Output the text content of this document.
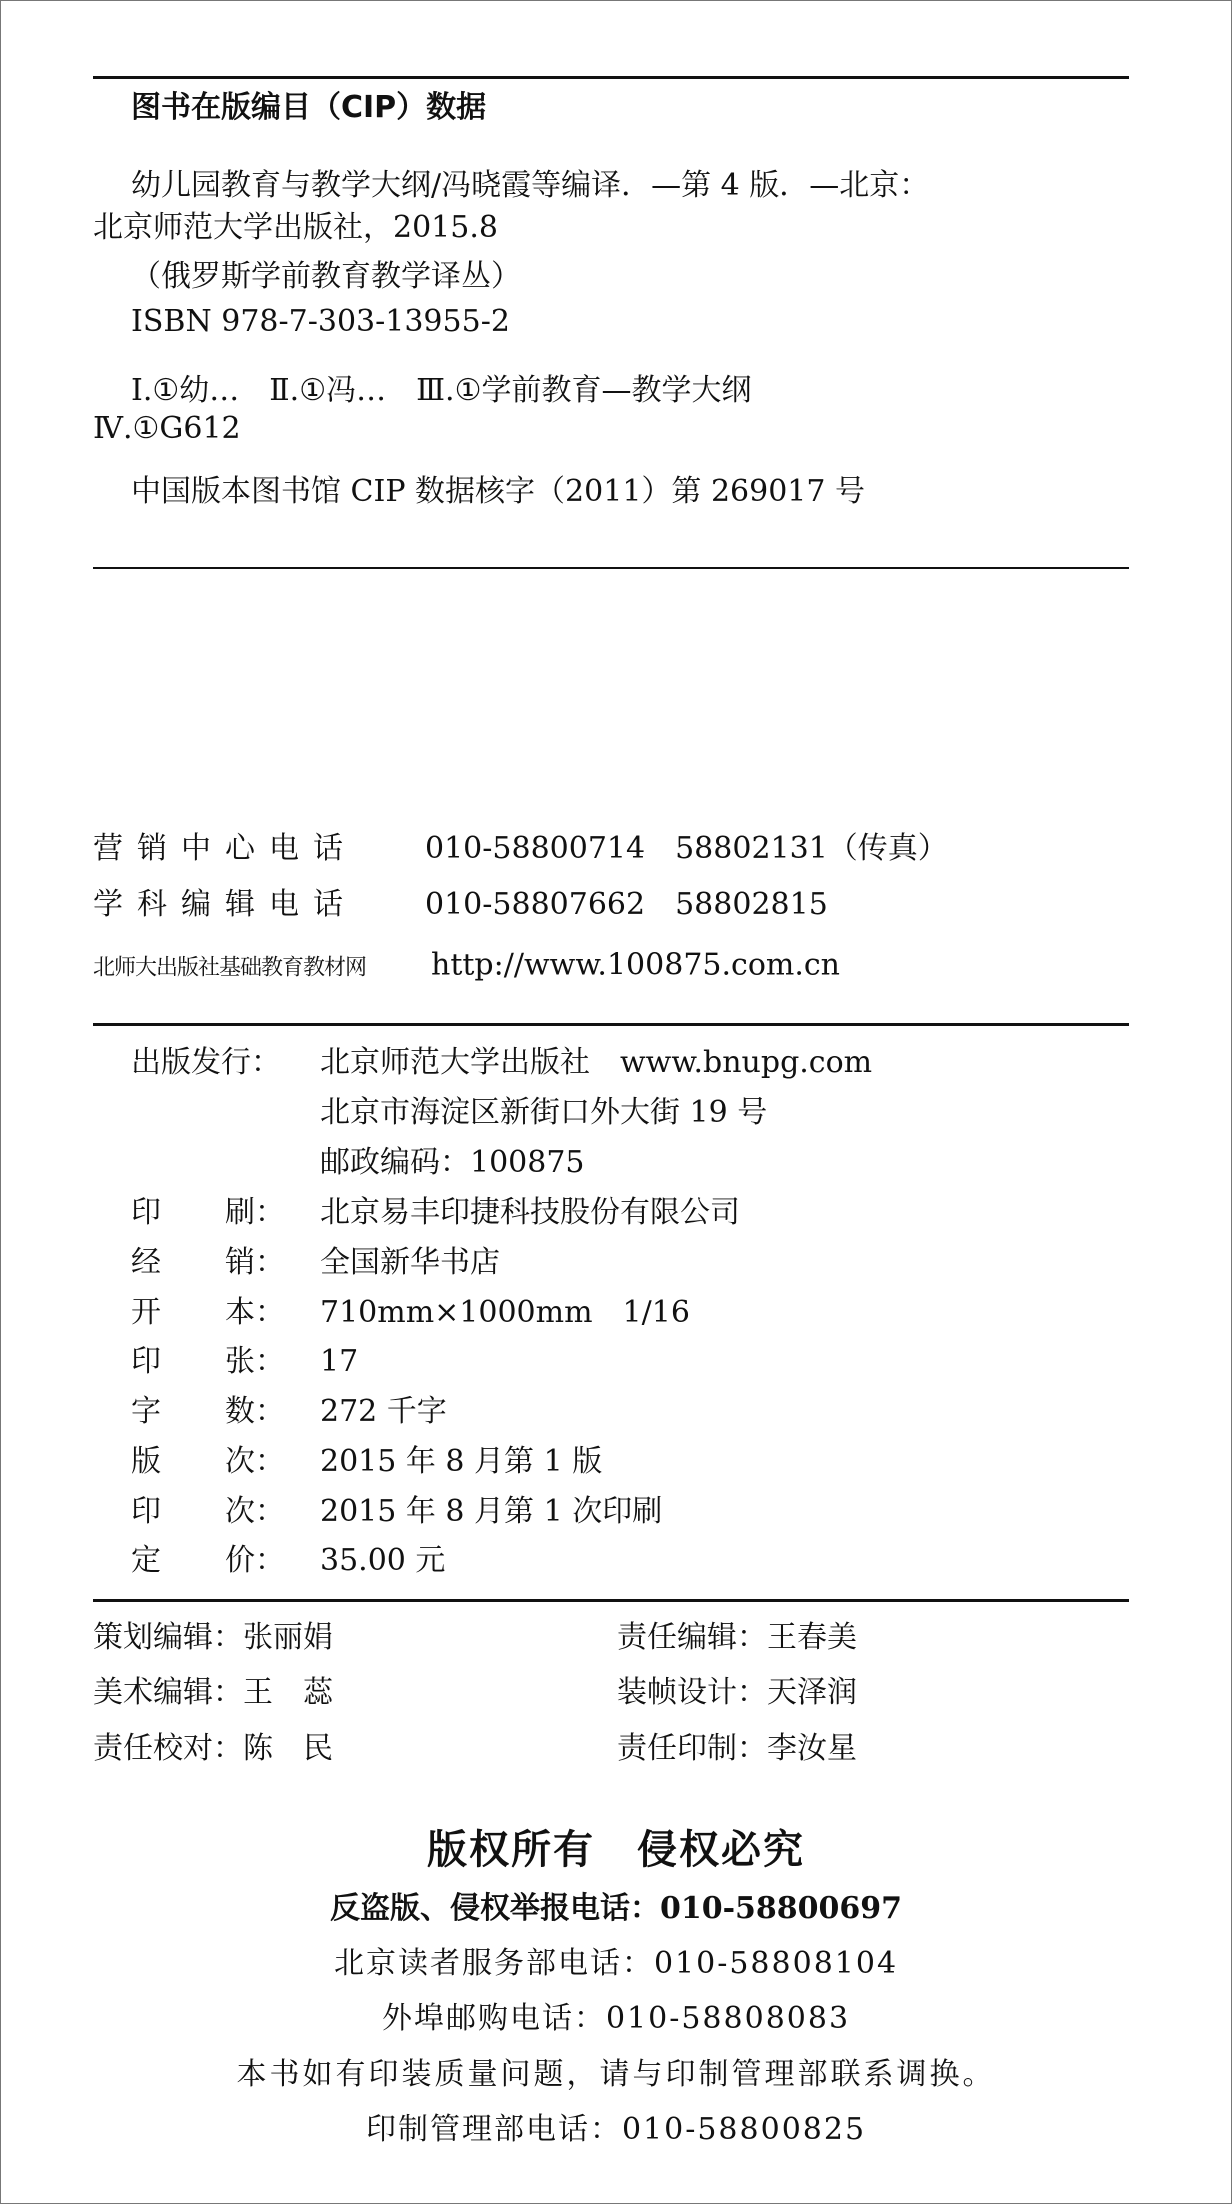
图书在版编目（CIP）数据
幼儿园教育与教学大纲/冯晓霞等编译．—第 4 版．—北京：
北京师范大学出版社，2015.8
（俄罗斯学前教育教学译丛）
ISBN 978-7-303-13955-2
Ⅰ.①幼…　Ⅱ.①冯…　Ⅲ.①学前教育—教学大纲
Ⅳ.①G612
中国版本图书馆 CIP 数据核字（2011）第 269017 号
营销中心电话 010-58800714　58802131（传真）
学科编辑电话 010-58807662　58802815
北师大出版社基础教育教材网 http://www.100875.com.cn
出版发行： 北京师范大学出版社　www.bnupg.com
北京市海淀区新街口外大街 19 号
邮政编码：100875
印 刷： 北京易丰印捷科技股份有限公司
经 销： 全国新华书店
开 本： 710mm×1000mm　1/16
印 张： 17
字 数： 272 千字
版 次： 2015 年 8 月第 1 版
印 次： 2015 年 8 月第 1 次印刷
定 价： 35.00 元
策划编辑：张丽娟
美术编辑：王　蕊
责任校对：陈　民
责任编辑：王春美
装帧设计：天泽润
责任印制：李汝星
版权所有　侵权必究
反盗版、侵权举报电话：010-58800697
北京读者服务部电话：010-58808104
外埠邮购电话：010-58808083
本书如有印装质量问题，请与印制管理部联系调换。
印制管理部电话：010-58800825
